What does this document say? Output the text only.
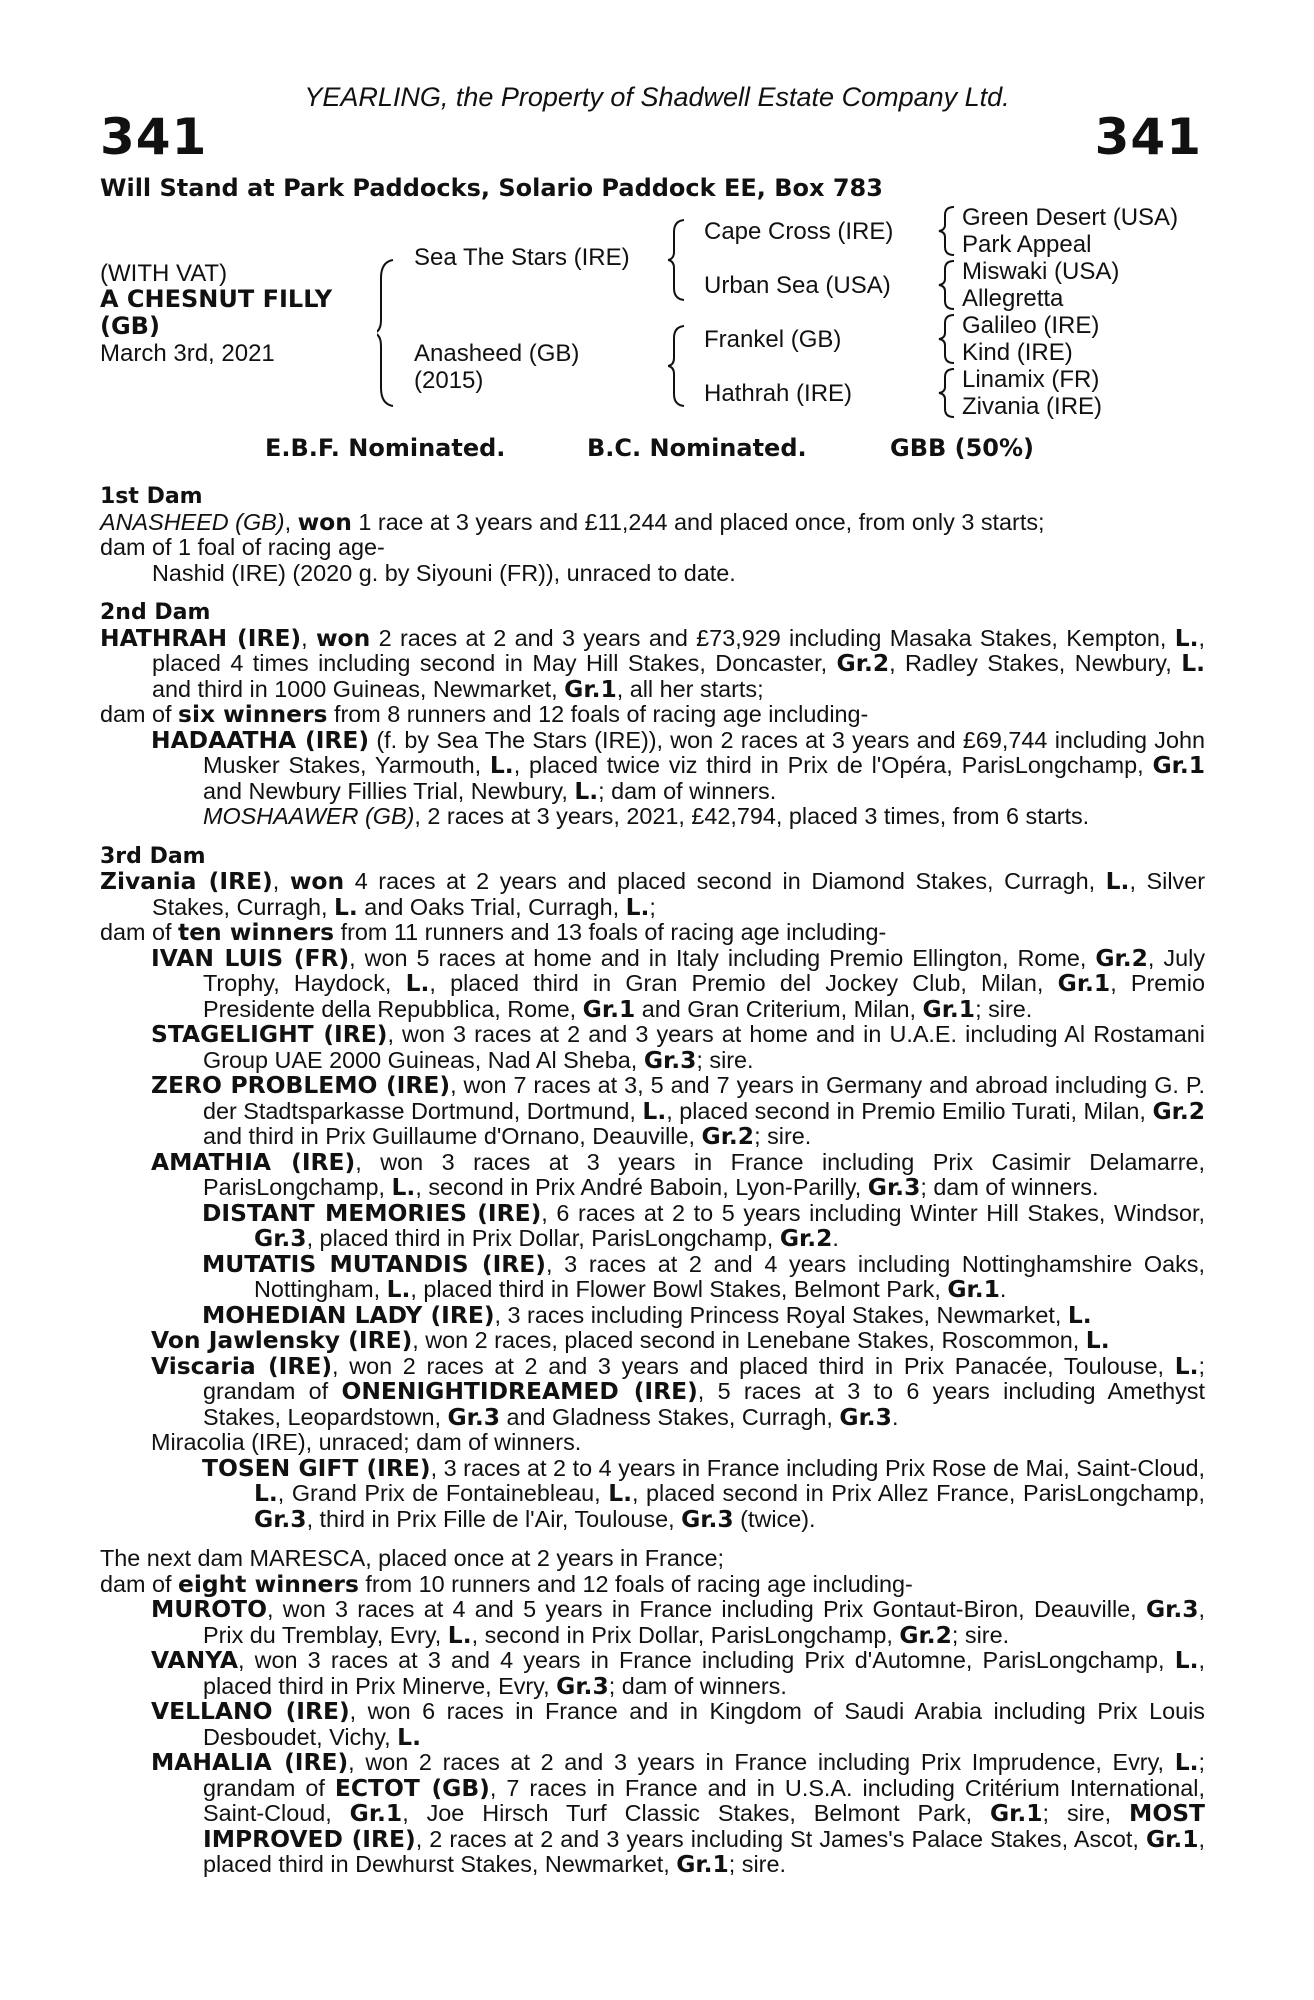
YEARLING, the Property of Shadwell Estate Company Ltd.
341	341
Will Stand at Park Paddocks, Solario Paddock EE, Box 783
(WITH VAT)
A CHESNUT FILLY
(GB)
March 3rd, 2021
Sea The Stars (IRE)
Anasheed (GB)
(2015)
Cape Cross (IRE)
Urban Sea (USA)
Frankel (GB)
Hathrah (IRE)
Green Desert (USA)
Park Appeal
Miswaki (USA)
Allegretta
Galileo (IRE)
Kind (IRE)
Linamix (FR)
Zivania (IRE)
E.B.F. Nominated.	B.C. Nominated.	GBB (50%)
1st Dam

ANASHEED (GB), won 1 race at 3 years and £11,244 and placed once, from only 3 starts;

dam of 1 foal of racing age-

Nashid (IRE) (2020 g. by Siyouni (FR)), unraced to date.

2nd Dam

HATHRAH (IRE), won 2 races at 2 and 3 years and £73,929 including Masaka Stakes, Kempton, L., placed 4 times including second in May Hill Stakes, Doncaster, Gr.2, Radley Stakes, Newbury, L. and third in 1000 Guineas, Newmarket, Gr.1, all her starts;

dam of six winners from 8 runners and 12 foals of racing age including-

HADAATHA (IRE) (f. by Sea The Stars (IRE)), won 2 races at 3 years and £69,744 including John Musker Stakes, Yarmouth, L., placed twice viz third in Prix de l'Opéra, ParisLongchamp, Gr.1 and Newbury Fillies Trial, Newbury, L.; dam of winners.
MOSHAAWER (GB), 2 races at 3 years, 2021, £42,794, placed 3 times, from 6 starts.

3rd Dam

Zivania (IRE), won 4 races at 2 years and placed second in Diamond Stakes, Curragh, L., Silver Stakes, Curragh, L. and Oaks Trial, Curragh, L.;

dam of ten winners from 11 runners and 13 foals of racing age including-

IVAN LUIS (FR), won 5 races at home and in Italy including Premio Ellington, Rome, Gr.2, July Trophy, Haydock, L., placed third in Gran Premio del Jockey Club, Milan, Gr.1, Premio Presidente della Repubblica, Rome, Gr.1 and Gran Criterium, Milan, Gr.1; sire.

STAGELIGHT (IRE), won 3 races at 2 and 3 years at home and in U.A.E. including Al Rostamani Group UAE 2000 Guineas, Nad Al Sheba, Gr.3; sire.

ZERO PROBLEMO (IRE), won 7 races at 3, 5 and 7 years in Germany and abroad including G. P. der Stadtsparkasse Dortmund, Dortmund, L., placed second in Premio Emilio Turati, Milan, Gr.2 and third in Prix Guillaume d'Ornano, Deauville, Gr.2; sire.

AMATHIA (IRE), won 3 races at 3 years in France including Prix Casimir Delamarre, ParisLongchamp, L., second in Prix André Baboin, Lyon-Parilly, Gr.3; dam of winners.

DISTANT MEMORIES (IRE), 6 races at 2 to 5 years including Winter Hill Stakes, Windsor, Gr.3, placed third in Prix Dollar, ParisLongchamp, Gr.2.

MUTATIS MUTANDIS (IRE), 3 races at 2 and 4 years including Nottinghamshire Oaks, Nottingham, L., placed third in Flower Bowl Stakes, Belmont Park, Gr.1.

MOHEDIAN LADY (IRE), 3 races including Princess Royal Stakes, Newmarket, L.

Von Jawlensky (IRE), won 2 races, placed second in Lenebane Stakes, Roscommon, L.

Viscaria (IRE), won 2 races at 2 and 3 years and placed third in Prix Panacée, Toulouse, L.; grandam of ONENIGHTIDREAMED (IRE), 5 races at 3 to 6 years including Amethyst Stakes, Leopardstown, Gr.3 and Gladness Stakes, Curragh, Gr.3.

Miracolia (IRE), unraced; dam of winners.

TOSEN GIFT (IRE), 3 races at 2 to 4 years in France including Prix Rose de Mai, Saint-Cloud, L., Grand Prix de Fontainebleau, L., placed second in Prix Allez France, ParisLongchamp, Gr.3, third in Prix Fille de l'Air, Toulouse, Gr.3 (twice).

The next dam MARESCA, placed once at 2 years in France;

dam of eight winners from 10 runners and 12 foals of racing age including-

MUROTO, won 3 races at 4 and 5 years in France including Prix Gontaut-Biron, Deauville, Gr.3, Prix du Tremblay, Evry, L., second in Prix Dollar, ParisLongchamp, Gr.2; sire.

VANYA, won 3 races at 3 and 4 years in France including Prix d'Automne, ParisLongchamp, L., placed third in Prix Minerve, Evry, Gr.3; dam of winners.

VELLANO (IRE), won 6 races in France and in Kingdom of Saudi Arabia including Prix Louis Desboudet, Vichy, L.

MAHALIA (IRE), won 2 races at 2 and 3 years in France including Prix Imprudence, Evry, L.; grandam of ECTOT (GB), 7 races in France and in U.S.A. including Critérium International, Saint-Cloud, Gr.1, Joe Hirsch Turf Classic Stakes, Belmont Park, Gr.1; sire, MOST IMPROVED (IRE), 2 races at 2 and 3 years including St James's Palace Stakes, Ascot, Gr.1, placed third in Dewhurst Stakes, Newmarket, Gr.1; sire.
